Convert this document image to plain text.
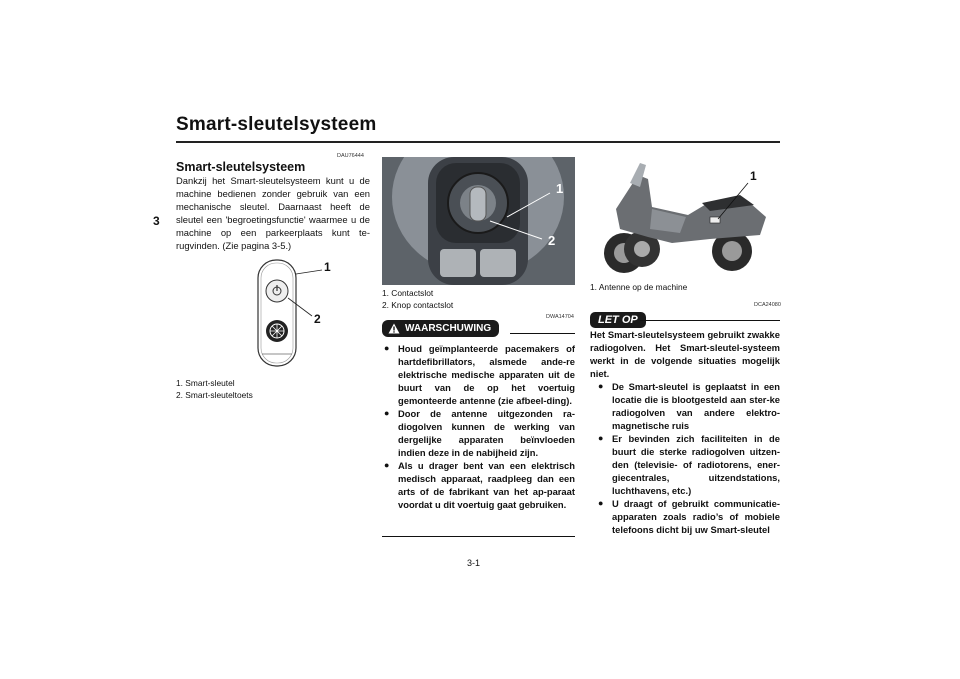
Smart-sleutelsysteem
3
DAU76444
Smart-sleutelsysteem
Dankzij het Smart-sleutelsysteem kunt u de machine bedienen zonder gebruik van een mechanische sleutel. Daarnaast heeft de sleutel een 'begroetingsfunctie' waarmee u de machine op een parkeerplaats kunt te-rugvinden. (Zie pagina 3-5.)
1
2
1. Smart-sleutel
2. Smart-sleuteltoets
1
2
1. Contactslot
2. Knop contactslot
DWA14704
WAARSCHUWING
● Houd geïmplanteerde pacemakers of hartdefibrillators, alsmede ande-re elektrische medische apparaten uit de buurt van de op het voertuig gemonteerde antenne (zie afbeel-ding).
● Door de antenne uitgezonden ra-diogolven kunnen de werking van dergelijke apparaten beïnvloeden indien deze in de nabijheid zijn.
● Als u drager bent van een elektrisch medisch apparaat, raadpleeg dan een arts of de fabrikant van het ap-paraat voordat u dit voertuig gaat gebruiken.
3-1
1
1. Antenne op de machine
DCA24080
LET OP
Het Smart-sleutelsysteem gebruikt zwakke radiogolven. Het Smart-sleutel-systeem werkt in de volgende situaties mogelijk niet.
● De Smart-sleutel is geplaatst in een locatie die is blootgesteld aan ster-ke radiogolven van andere elektro-magnetische ruis
● Er bevinden zich faciliteiten in de buurt die sterke radiogolven uitzen-den (televisie- of radiotorens, ener-giecentrales, uitzendstations, luchthavens, etc.)
● U draagt of gebruikt communicatie-apparaten zoals radio’s of mobiele telefoons dicht bij uw Smart-sleutel
